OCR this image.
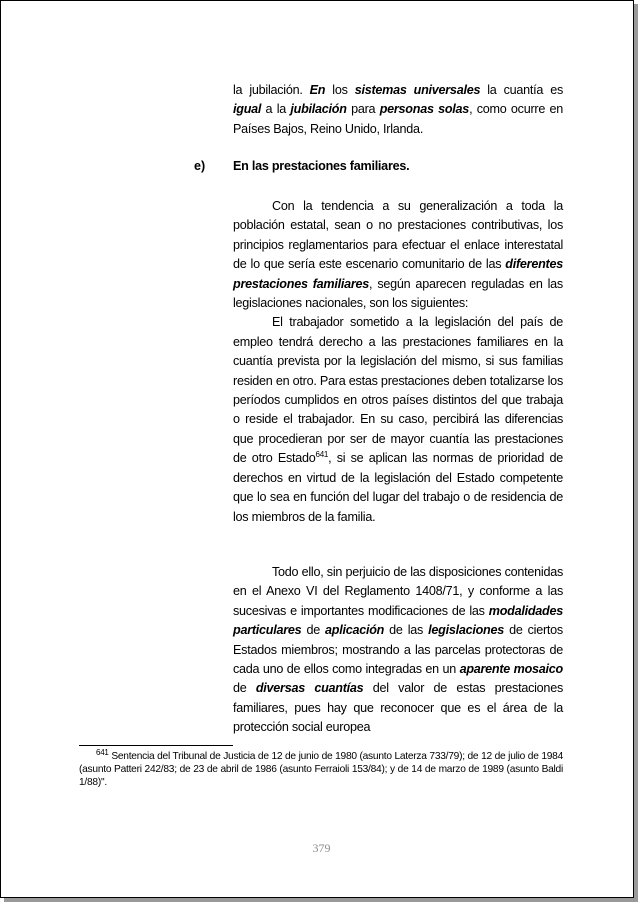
la jubilación. En los sistemas universales la cuantía es igual a la jubilación para personas solas, como ocurre en Países Bajos, Reino Unido, Irlanda.

e) En las prestaciones familiares.

Con la tendencia a su generalización a toda la población estatal, sean o no prestaciones contributivas, los principios reglamentarios para efectuar el enlace interestatal de lo que sería este escenario comunitario de las diferentes prestaciones familiares, según aparecen reguladas en las legislaciones nacionales, son los siguientes:

El trabajador sometido a la legislación del país de empleo tendrá derecho a las prestaciones familiares en la cuantía prevista por la legislación del mismo, si sus familias residen en otro. Para estas prestaciones deben totalizarse los períodos cumplidos en otros países distintos del que trabaja o reside el trabajador. En su caso, percibirá las diferencias que procedieran por ser de mayor cuantía las prestaciones de otro Estado$^{641}$, si se aplican las normas de prioridad de derechos en virtud de la legislación del Estado competente que lo sea en función del lugar del trabajo o de residencia de los miembros de la familia.

Todo ello, sin perjuicio de las disposiciones contenidas en el Anexo VI del Reglamento 1408/71, y conforme a las sucesivas e importantes modificaciones de las modalidades particulares de aplicación de las legislaciones de ciertos Estados miembros; mostrando a las parcelas protectoras de cada uno de ellos como integradas en un aparente mosaico de diversas cuantías del valor de estas prestaciones familiares, pues hay que reconocer que es el área de la protección social europea

$^{641}$ Sentencia del Tribunal de Justicia de 12 de junio de 1980 (asunto Laterza 733/79); de 12 de julio de 1984 (asunto Patteri 242/83; de 23 de abril de 1986 (asunto Ferraioli 153/84); y de 14 de marzo de 1989 (asunto Baldi 1/88)".
379
